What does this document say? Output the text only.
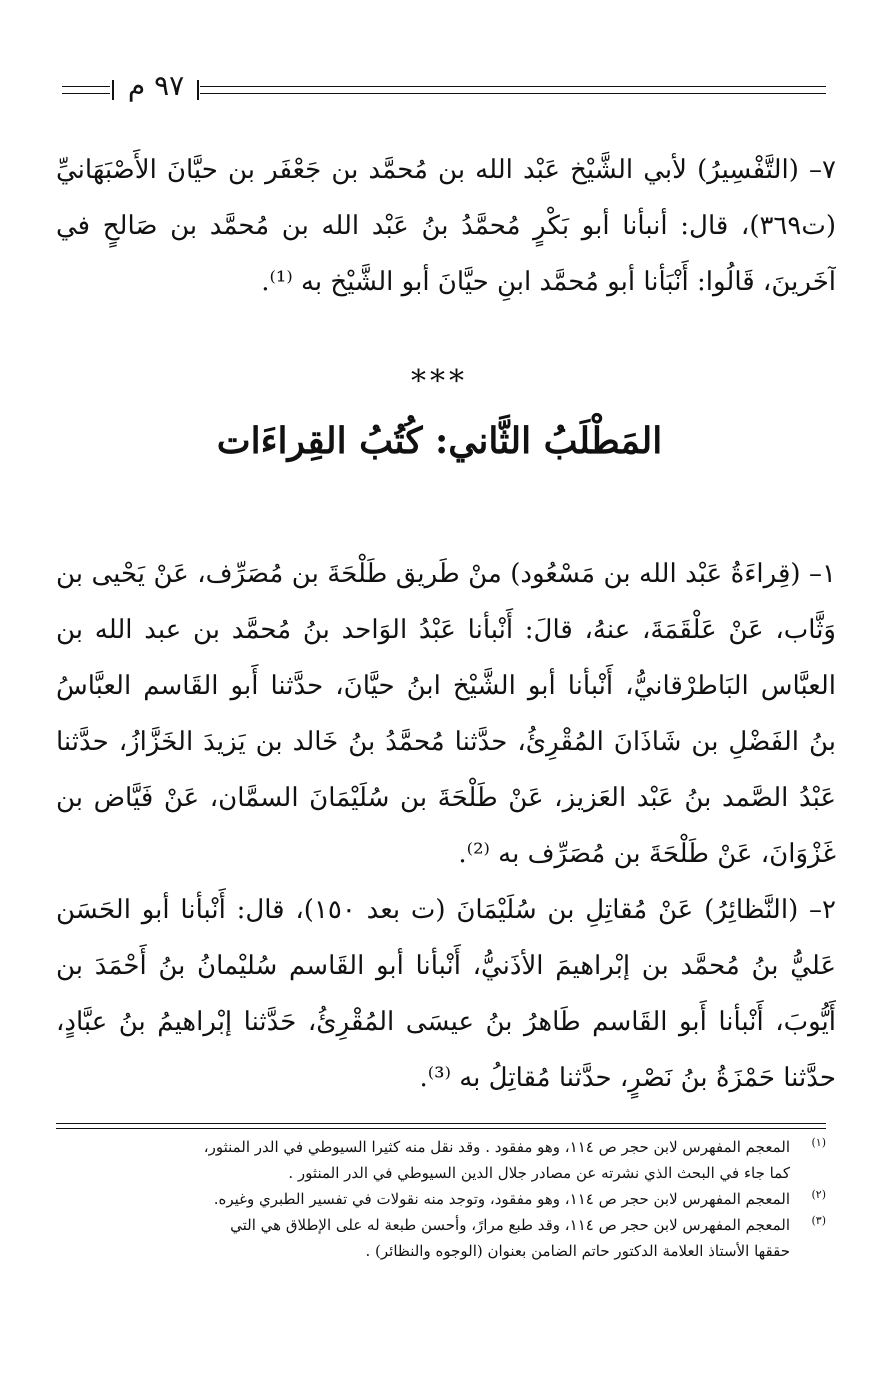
٩٧ م
٧– (التَّفْسِيرُ) لأبي الشَّيْخ عَبْد الله بن مُحمَّد بن جَعْفَر بن حيَّانَ الأَصْبَهَانيِّ
(ت٣٦٩)، قال: أنبأنا أبو بَكْرٍ مُحمَّدُ بنُ عَبْد الله بن مُحمَّد بن صَالحٍ في
آخَرينَ، قَالُوا: أَنْبَأنا أبو مُحمَّد ابنِ حيَّانَ أبو الشَّيْخ به ⁽¹⁾.
***
المَطْلَبُ الثَّاني: كُتُبُ القِراءَات
١– (قِراءَةُ عَبْد الله بن مَسْعُود) منْ طَريق طَلْحَةَ بن مُصَرِّف، عَنْ يَحْيى بن
وَثَّاب، عَنْ عَلْقَمَةَ، عنهُ، قالَ: أَنْبأنا عَبْدُ الوَاحد بنُ مُحمَّد بن عبد الله بن
العبَّاس البَاطرْقانيُّ، أَنْبأنا أبو الشَّيْخ ابنُ حيَّانَ، حدَّثنا أَبو القَاسم العبَّاسُ
بنُ الفَضْلِ بن شَاذَانَ المُقْرِئُ، حدَّثنا مُحمَّدُ بنُ خَالد بن يَزيدَ الخَزَّازُ، حدَّثنا
عَبْدُ الصَّمد بنُ عَبْد العَزيز، عَنْ طَلْحَةَ بن سُلَيْمَانَ السمَّان، عَنْ فَيَّاض بن
غَزْوَانَ، عَنْ طَلْحَةَ بن مُصَرِّف به ⁽²⁾.
٢– (النَّظائِرُ) عَنْ مُقاتِلِ بن سُلَيْمَانَ (ت بعد ١٥٠)، قال: أَنْبأنا أبو الحَسَن
عَليُّ بنُ مُحمَّد بن إبْراهيمَ الأذَنيُّ، أَنْبأنا أبو القَاسم سُليْمانُ بنُ أَحْمَدَ بن
أَيُّوبَ، أَنْبأنا أَبو القَاسم طَاهرُ بنُ عيسَى المُقْرِئُ، حَدَّثنا إبْراهيمُ بنُ عبَّادٍ،
حدَّثنا حَمْزَةُ بنُ نَصْرٍ، حدَّثنا مُقاتِلُ به ⁽³⁾.
(١)
المعجم المفهرس لابن حجر ص ١١٤، وهو مفقود . وقد نقل منه كثيرا السيوطي في الدر المنثور،
كما جاء في البحث الذي نشرته عن مصادر جلال الدين السيوطي في الدر المنثور .
(٢)
المعجم المفهرس لابن حجر ص ١١٤، وهو مفقود، وتوجد منه نقولات في تفسير الطبري وغيره.
(٣)
المعجم المفهرس لابن حجر ص ١١٤، وقد طبع مرارً، وأحسن طبعة له على الإطلاق هي التي
حققها الأستاذ العلامة الدكتور حاتم الضامن بعنوان (الوجوه والنظائر) .
